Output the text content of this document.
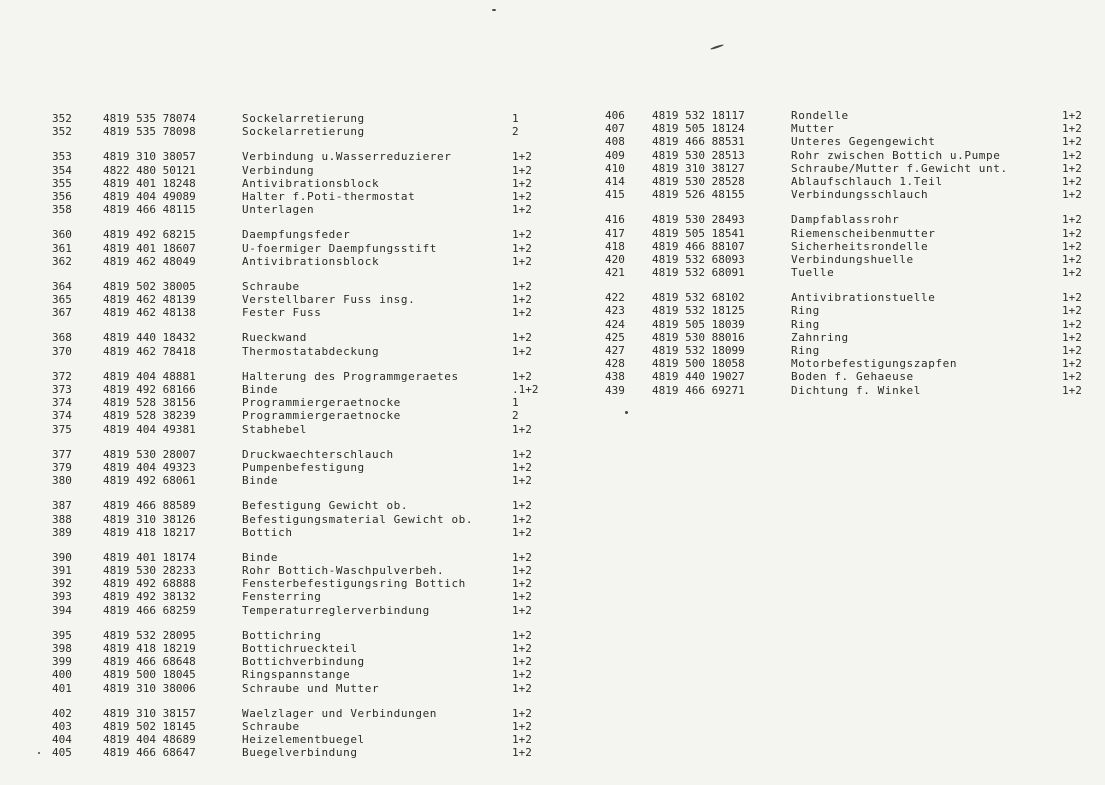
352	4819 535 78074	Sockelarretierung	1
352	4819 535 78098	Sockelarretierung	2
353	4819 310 38057	Verbindung u.Wasserreduzierer	1+2
354	4822 480 50121	Verbindung	1+2
355	4819 401 18248	Antivibrationsblock	1+2
356	4819 404 49089	Halter f.Poti-thermostat	1+2
358	4819 466 48115	Unterlagen	1+2
360	4819 492 68215	Daempfungsfeder	1+2
361	4819 401 18607	U-foermiger Daempfungsstift	1+2
362	4819 462 48049	Antivibrationsblock	1+2
364	4819 502 38005	Schraube	1+2
365	4819 462 48139	Verstellbarer Fuss insg.	1+2
367	4819 462 48138	Fester Fuss	1+2
368	4819 440 18432	Rueckwand	1+2
370	4819 462 78418	Thermostatabdeckung	1+2
372	4819 404 48881	Halterung des Programmgeraetes	1+2
373	4819 492 68166	Binde	.1+2
374	4819 528 38156	Programmiergeraetnocke	1
374	4819 528 38239	Programmiergeraetnocke	2
375	4819 404 49381	Stabhebel	1+2
377	4819 530 28007	Druckwaechterschlauch	1+2
379	4819 404 49323	Pumpenbefestigung	1+2
380	4819 492 68061	Binde	1+2
387	4819 466 88589	Befestigung Gewicht ob.	1+2
388	4819 310 38126	Befestigungsmaterial Gewicht ob.	1+2
389	4819 418 18217	Bottich	1+2
390	4819 401 18174	Binde	1+2
391	4819 530 28233	Rohr Bottich-Waschpulverbeh.	1+2
392	4819 492 68888	Fensterbefestigungsring Bottich	1+2
393	4819 492 38132	Fensterring	1+2
394	4819 466 68259	Temperaturreglerverbindung	1+2
395	4819 532 28095	Bottichring	1+2
398	4819 418 18219	Bottichrueckteil	1+2
399	4819 466 68648	Bottichverbindung	1+2
400	4819 500 18045	Ringspannstange	1+2
401	4819 310 38006	Schraube und Mutter	1+2
402	4819 310 38157	Waelzlager und Verbindungen	1+2
403	4819 502 18145	Schraube	1+2
404	4819 404 48689	Heizelementbuegel	1+2
405	4819 466 68647	Buegelverbindung	1+2
406 4819 532 18117	Rondelle	1+2
407 4819 505 18124	Mutter	1+2
408 4819 466 88531	Unteres Gegengewicht	1+2
409 4819 530 28513	Rohr zwischen Bottich u.Pumpe	1+2
410 4819 310 38127	Schraube/Mutter f.Gewicht unt.	1+2
414 4819 530 28528	Ablaufschlauch 1.Teil	1+2
415 4819 526 48155	Verbindungsschlauch	1+2
416 4819 530 28493	Dampfablassrohr	1+2
417 4819 505 18541	Riemenscheibenmutter	1+2
418 4819 466 88107	Sicherheitsrondelle	1+2
420 4819 532 68093	Verbindungshuelle	1+2
421 4819 532 68091	Tuelle	1+2
422 4819 532 68102	Antivibrationstuelle	1+2
423 4819 532 18125	Ring	1+2
424 4819 505 18039	Ring	1+2
425 4819 530 88016	Zahnring	1+2
427 4819 532 18099	Ring	1+2
428 4819 500 18058	Motorbefestigungszapfen	1+2
438 4819 440 19027	Boden f. Gehaeuse	1+2
439 4819 466 69271	Dichtung f. Winkel	1+2
